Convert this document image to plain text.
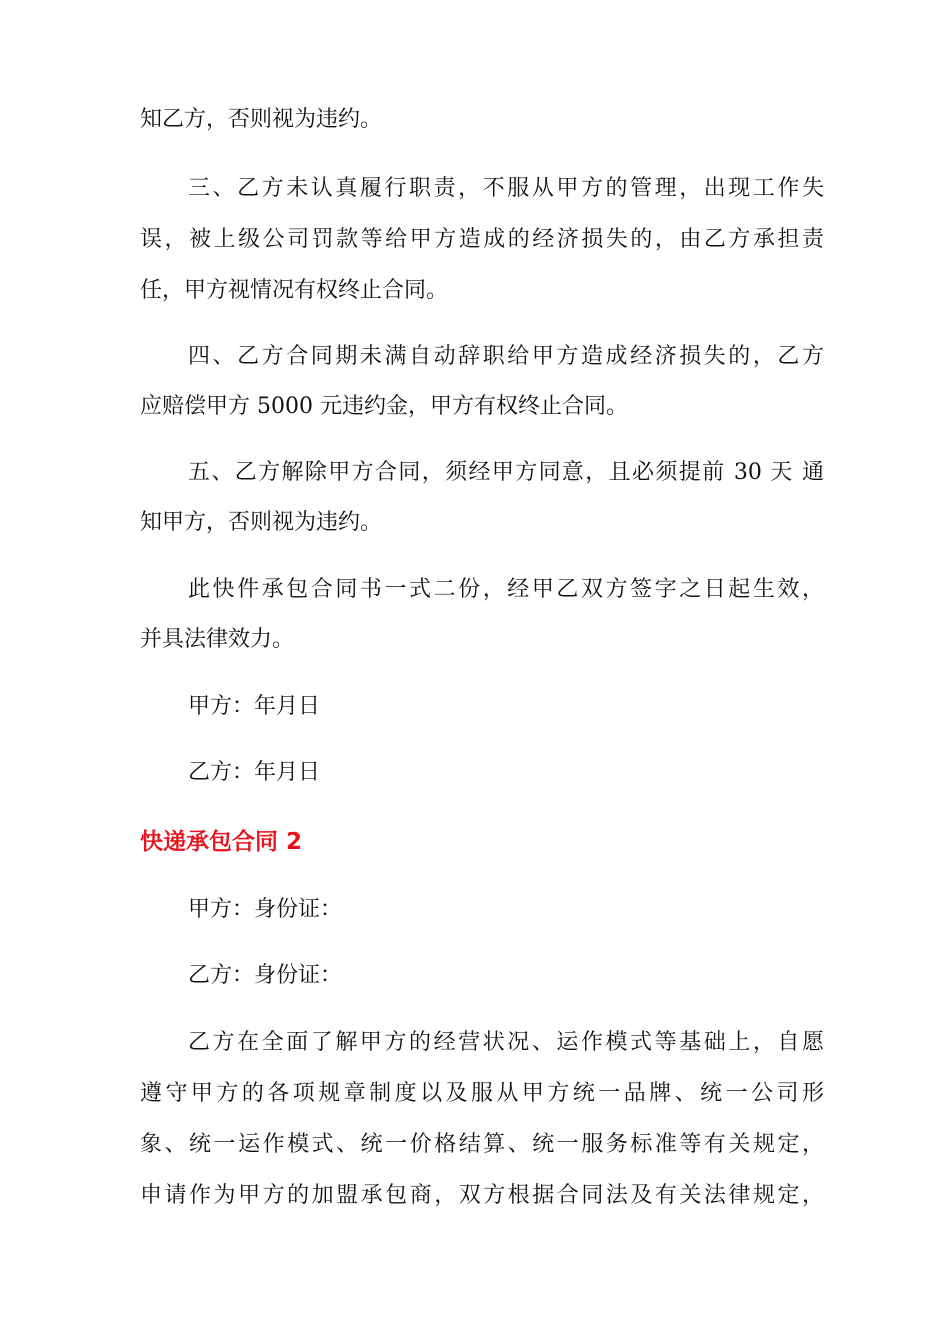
知乙方，否则视为违约。

三、乙方未认真履行职责，不服从甲方的管理，出现工作失

误，被上级公司罚款等给甲方造成的经济损失的，由乙方承担责

任，甲方视情况有权终止合同。

四、乙方合同期未满自动辞职给甲方造成经济损失的，乙方

应赔偿甲方 5000 元违约金，甲方有权终止合同。

五、乙方解除甲方合同，须经甲方同意，且必须提前 30 天 通

知甲方，否则视为违约。

此快件承包合同书一式二份，经甲乙双方签字之日起生效，

并具法律效力。

甲方：年月日

乙方：年月日

快递承包合同 2

甲方：身份证：

乙方：身份证：

乙方在全面了解甲方的经营状况、运作模式等基础上，自愿

遵守甲方的各项规章制度以及服从甲方统一品牌、统一公司形

象、统一运作模式、统一价格结算、统一服务标准等有关规定，

申请作为甲方的加盟承包商，双方根据合同法及有关法律规定，
